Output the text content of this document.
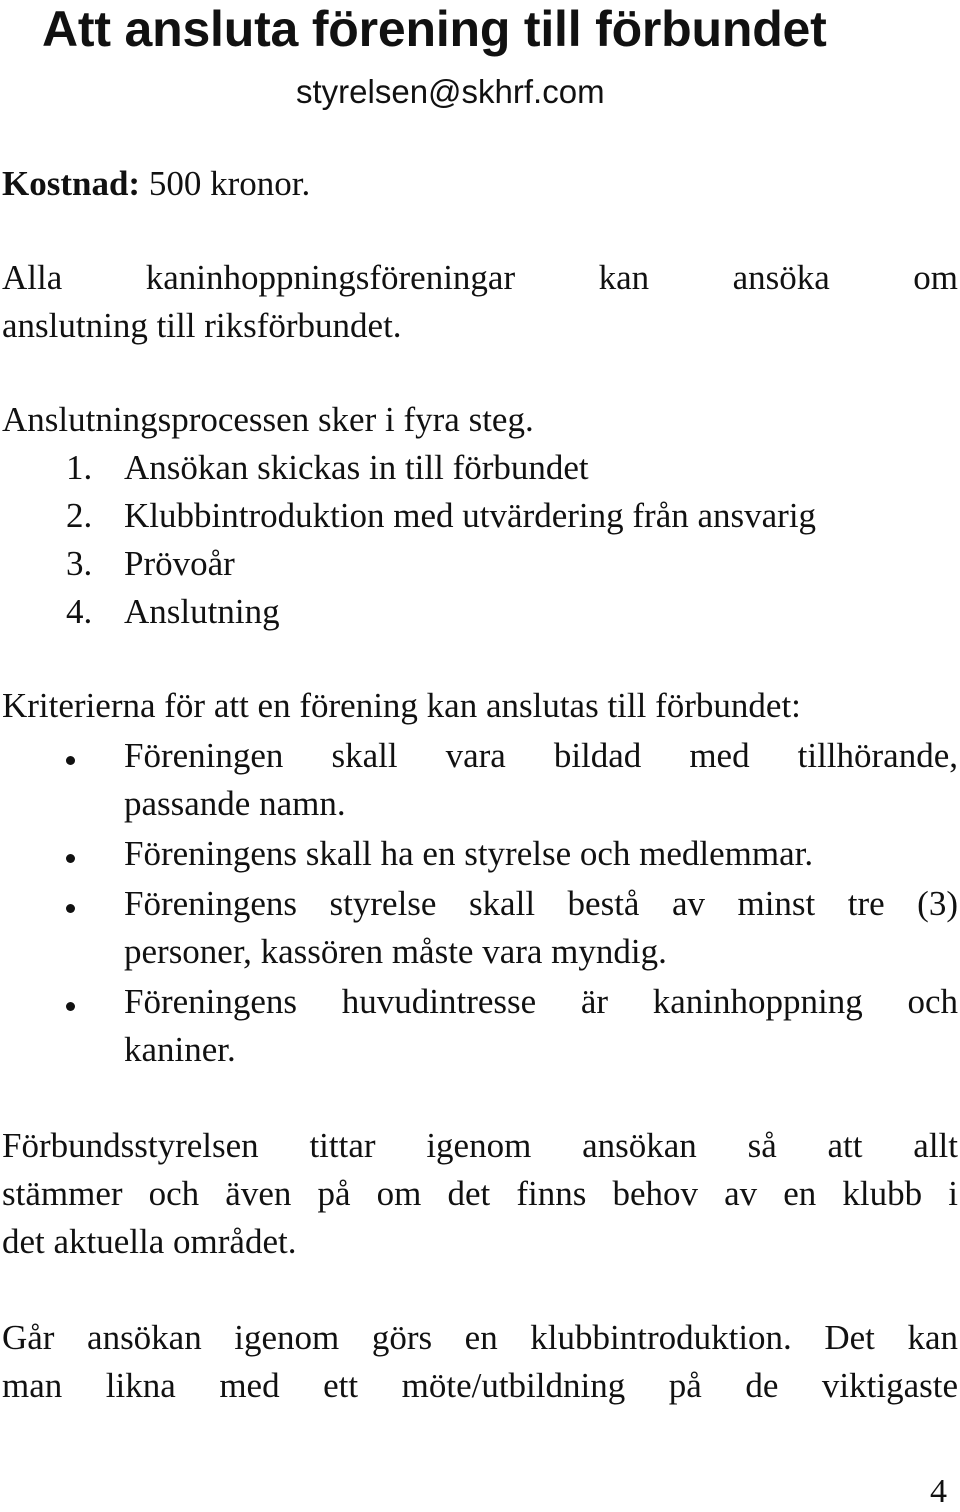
Att ansluta förening till förbundet
styrelsen@skhrf.com

Kostnad: 500 kronor.

Alla kaninhoppningsföreningar kan ansöka om

anslutning till riksförbundet.

Anslutningsprocessen sker i fyra steg.

1. Ansökan skickas in till förbundet
2. Klubbintroduktion med utvärdering från ansvarig
3. Prövoår
4. Anslutning

Kriterierna för att en förening kan anslutas till förbundet:

Föreningen skall vara bildad med tillhörande,

passande namn.

Föreningens skall ha en styrelse och medlemmar.

Föreningens styrelse skall bestå av minst tre (3)

personer, kassören måste vara myndig.

Föreningens huvudintresse är kaninhoppning och

kaniner.

Förbundsstyrelsen tittar igenom ansökan så att allt

stämmer och även på om det finns behov av en klubb i

det aktuella området.

Går ansökan igenom görs en klubbintroduktion. Det kan

man likna med ett möte/utbildning på de viktigaste

4
